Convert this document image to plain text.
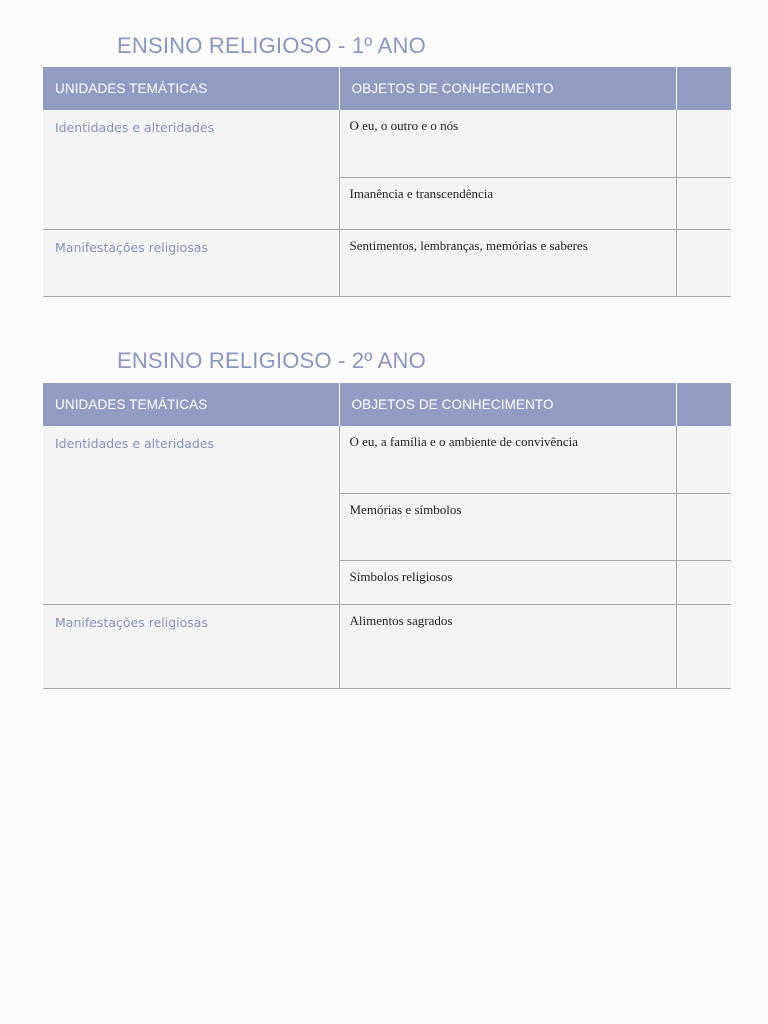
ENSINO RELIGIOSO - 1º ANO
UNIDADES TEMÁTICAS	OBJETOS DE CONHECIMENTO	
Identidades e alteridades	O eu, o outro e o nós	
	Imanência e transcendência	
Manifestações religiosas	Sentimentos, lembranças, memórias e saberes	
ENSINO RELIGIOSO - 2º ANO
UNIDADES TEMÁTICAS	OBJETOS DE CONHECIMENTO	
Identidades e alteridades	O eu, a família e o ambiente de convivência	
	Memórias e símbolos	
	Símbolos religiosos	
Manifestações religiosas	Alimentos sagrados	
